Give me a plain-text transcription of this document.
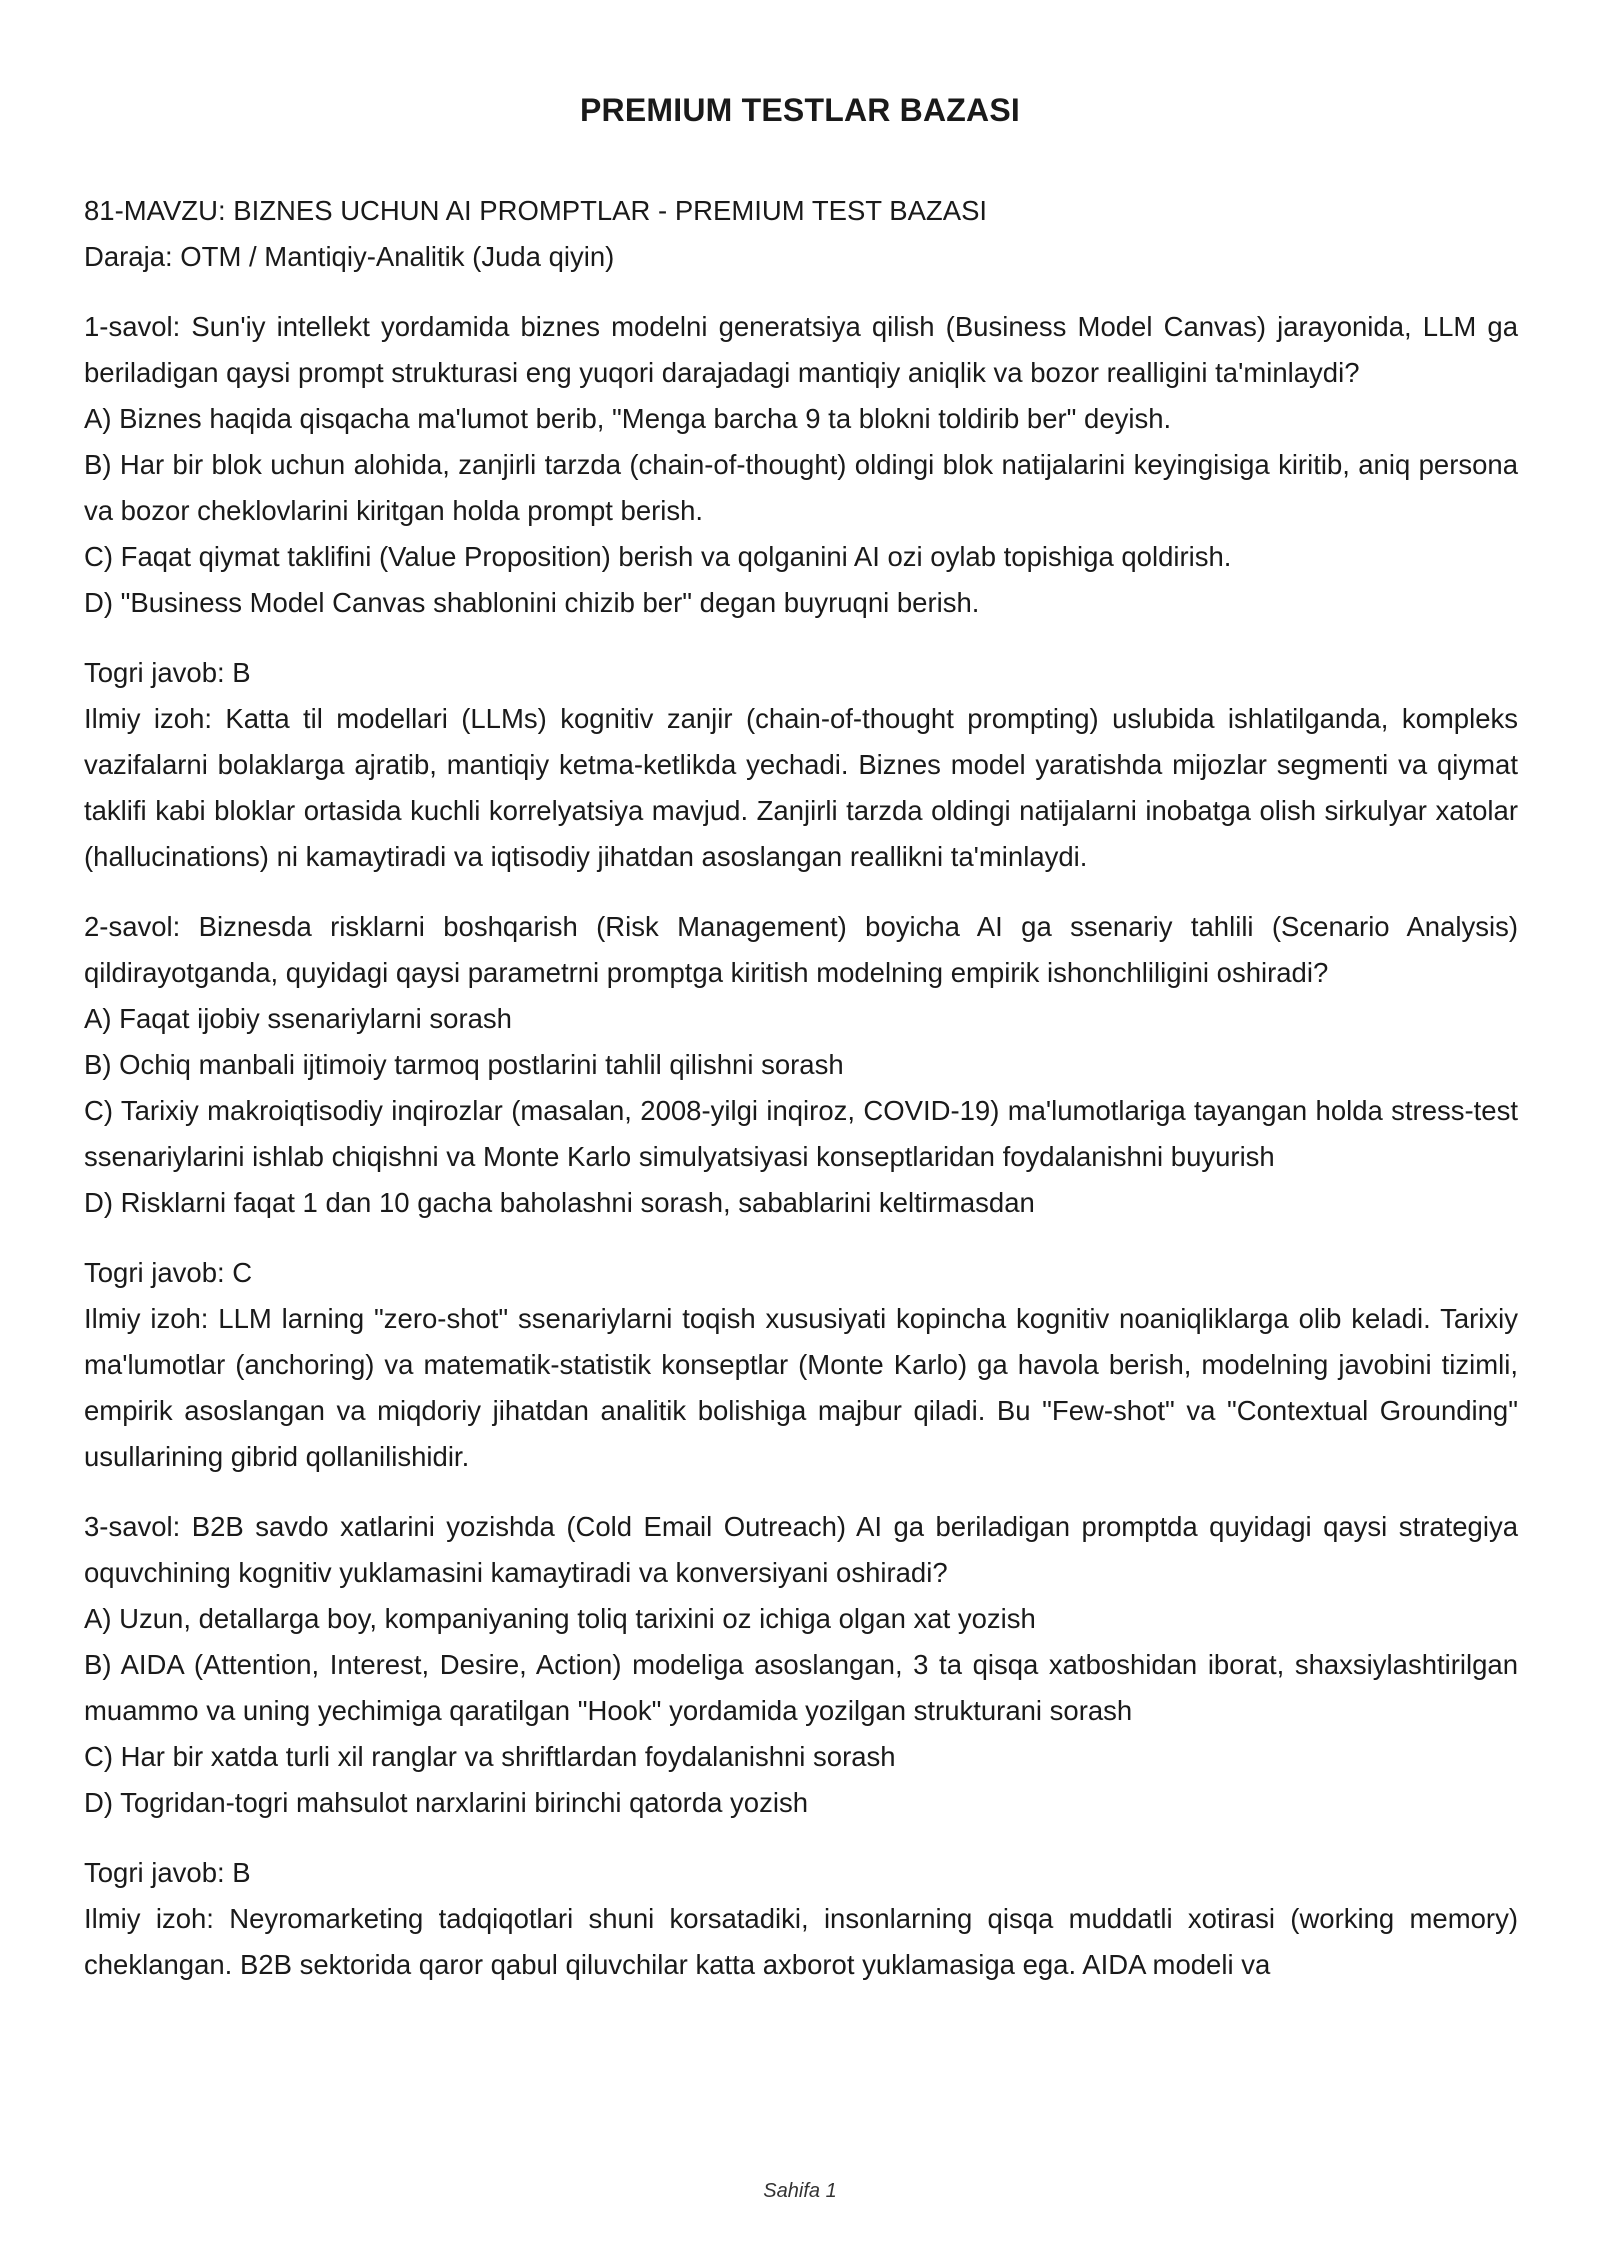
PREMIUM TESTLAR BAZASI

81-MAVZU: BIZNES UCHUN AI PROMPTLAR - PREMIUM TEST BAZASI

Daraja: OTM / Mantiqiy-Analitik (Juda qiyin)

1-savol: Sun'iy intellekt yordamida biznes modelni generatsiya qilish (Business Model Canvas) jarayonida, LLM ga beriladigan qaysi prompt strukturasi eng yuqori darajadagi mantiqiy aniqlik va bozor realligini ta'minlaydi?

A) Biznes haqida qisqacha ma'lumot berib, "Menga barcha 9 ta blokni toldirib ber" deyish.

B) Har bir blok uchun alohida, zanjirli tarzda (chain-of-thought) oldingi blok natijalarini keyingisiga kiritib, aniq persona va bozor cheklovlarini kiritgan holda prompt berish.

C) Faqat qiymat taklifini (Value Proposition) berish va qolganini AI ozi oylab topishiga qoldirish.

D) "Business Model Canvas shablonini chizib ber" degan buyruqni berish.

Togri javob: B

Ilmiy izoh: Katta til modellari (LLMs) kognitiv zanjir (chain-of-thought prompting) uslubida ishlatilganda, kompleks vazifalarni bolaklarga ajratib, mantiqiy ketma-ketlikda yechadi. Biznes model yaratishda mijozlar segmenti va qiymat taklifi kabi bloklar ortasida kuchli korrelyatsiya mavjud. Zanjirli tarzda oldingi natijalarni inobatga olish sirkulyar xatolar (hallucinations) ni kamaytiradi va iqtisodiy jihatdan asoslangan reallikni ta'minlaydi.

2-savol: Biznesda risklarni boshqarish (Risk Management) boyicha AI ga ssenariy tahlili (Scenario Analysis) qildirayotganda, quyidagi qaysi parametrni promptga kiritish modelning empirik ishonchliligini oshiradi?

A) Faqat ijobiy ssenariylarni sorash

B) Ochiq manbali ijtimoiy tarmoq postlarini tahlil qilishni sorash

C) Tarixiy makroiqtisodiy inqirozlar (masalan, 2008-yilgi inqiroz, COVID-19) ma'lumotlariga tayangan holda stress-test ssenariylarini ishlab chiqishni va Monte Karlo simulyatsiyasi konseptlaridan foydalanishni buyurish

D) Risklarni faqat 1 dan 10 gacha baholashni sorash, sabablarini keltirmasdan

Togri javob: C

Ilmiy izoh: LLM larning "zero-shot" ssenariylarni toqish xususiyati kopincha kognitiv noaniqliklarga olib keladi. Tarixiy ma'lumotlar (anchoring) va matematik-statistik konseptlar (Monte Karlo) ga havola berish, modelning javobini tizimli, empirik asoslangan va miqdoriy jihatdan analitik bolishiga majbur qiladi. Bu "Few-shot" va "Contextual Grounding" usullarining gibrid qollanilishidir.

3-savol: B2B savdo xatlarini yozishda (Cold Email Outreach) AI ga beriladigan promptda quyidagi qaysi strategiya oquvchining kognitiv yuklamasini kamaytiradi va konversiyani oshiradi?

A) Uzun, detallarga boy, kompaniyaning toliq tarixini oz ichiga olgan xat yozish

B) AIDA (Attention, Interest, Desire, Action) modeliga asoslangan, 3 ta qisqa xatboshidan iborat, shaxsiylashtirilgan muammo va uning yechimiga qaratilgan "Hook" yordamida yozilgan strukturani sorash

C) Har bir xatda turli xil ranglar va shriftlardan foydalanishni sorash

D) Togridan-togri mahsulot narxlarini birinchi qatorda yozish

Togri javob: B

Ilmiy izoh: Neyromarketing tadqiqotlari shuni korsatadiki, insonlarning qisqa muddatli xotirasi (working memory) cheklangan. B2B sektorida qaror qabul qiluvchilar katta axborot yuklamasiga ega. AIDA modeli va

Sahifa 1
